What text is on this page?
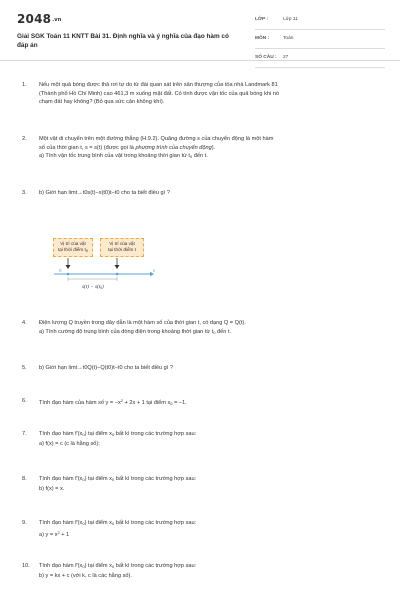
$2048^{.vn}$
Giải SGK Toán 11 KNTT Bài 31. Định nghĩa và ý nghĩa của đạo hàm có đáp án
LỚP :	Lớp 11
MÔN :	Toán
SỐ CÂU : 27
1. Nếu một quả bóng được thả rơi tự do từ đài quan sát trên sân thượng của tòa nhà Landmark 81
(Thành phố Hồ Chí Minh) cao 461,3 m xuống mặt đất. Có tính được vận tốc của quả bóng khi nó
chạm đất hay không? (Bỏ qua sức cản không khí).
2. Một vật di chuyển trên một đường thẳng (H.9.2). Quãng đường s của chuyển động là một hàm
số của thời gian t, s = s(t) (được gọi là phương trình của chuyển động).
a) Tính vận tốc trung bình của vật trong khoảng thời gian từ $t_0$ đến t.
3. b) Giới hạn limt→t0s(t)−s(t0)t−t0 cho ta biết điều gì ?
Vị trí của vật
tại thời điểm $t_0$
Vị trí của vật
tại thời điểm t
0	s
s(t) − s(t0)
4. Điện lượng Q truyền trong dây dẫn là một hàm số của thời gian t, có dạng Q = Q(t).
a) Tính cường độ trung bình của dòng điện trong khoảng thời gian từ $t_0$ đến t.
5. b) Giới hạn limt→t0Q(t)−Q(t0)t−t0 cho ta biết điều gì ?
6. Tính đạo hàm của hàm số $y = -x^2 + 2x + 1$ tại điểm $x_0 = -1$.
7. Tính đạo hàm $f'(x_0)$ tại điểm $x_0$ bất kì trong các trường hợp sau:
a) f(x) = c (c là hằng số);
8. Tính đạo hàm $f'(x_0)$ tại điểm $x_0$ bất kì trong các trường hợp sau:
b) f(x) = x.
9. Tính đạo hàm $f'(x_0)$ tại điểm $x_0$ bất kì trong các trường hợp sau:
a) $y = x^2 + 1$
10. Tính đạo hàm $f'(x_0)$ tại điểm $x_0$ bất kì trong các trường hợp sau:
b) y = kx + c (với k, c là các hằng số).
